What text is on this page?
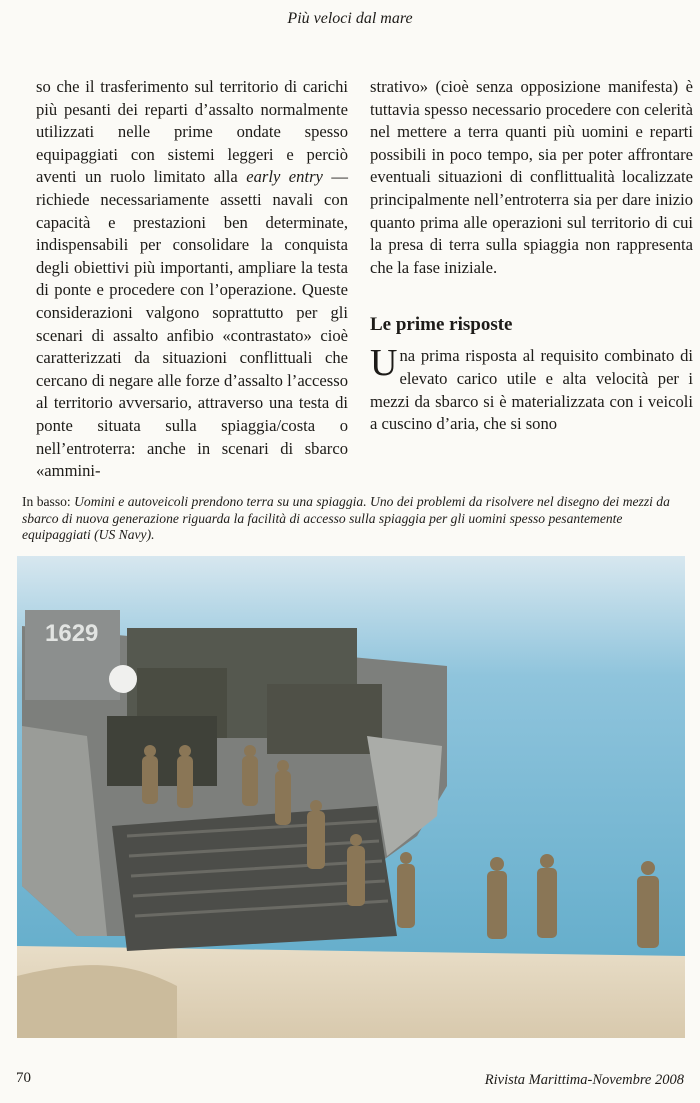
Più veloci dal mare

so che il trasferimento sul territorio di carichi più pesanti dei reparti d’assalto normalmente utilizzati nelle prime ondate spesso equipaggiati con sistemi leggeri e perciò aventi un ruolo limitato alla early entry — richiede necessariamente assetti navali con capacità e prestazioni ben determinate, indispensabili per consolidare la conquista degli obiettivi più importanti, ampliare la testa di ponte e procedere con l’operazione. Queste considerazioni valgono soprattutto per gli scenari di assalto anfibio «contrastato» cioè caratterizzati da situazioni conflittuali che cercano di negare alle forze d’assalto l’accesso al territorio avversario, attraverso una testa di ponte situata sulla spiaggia/costa o nell’entroterra: anche in scenari di sbarco «ammini-

strativo» (cioè senza opposizione manifesta) è tuttavia spesso necessario procedere con celerità nel mettere a terra quanti più uomini e reparti possibili in poco tempo, sia per poter affrontare eventuali situazioni di conflittualità localizzate principalmente nell’entroterra sia per dare inizio quanto prima alle operazioni sul territorio di cui la presa di terra sulla spiaggia non rappresenta che la fase iniziale.

Le prime risposte

Una prima risposta al requisito combinato di elevato carico utile e alta velocità per i mezzi da sbarco si è materializzata con i veicoli a cuscino d’aria, che si sono

In basso: Uomini e autoveicoli prendono terra su una spiaggia. Uno dei problemi da risolvere nel disegno dei mezzi da sbarco di nuova generazione riguarda la facilità di accesso sulla spiaggia per gli uomini spesso pesantemente equipaggiati (US Navy).
1629
70	Rivista Marittima-Novembre 2008
